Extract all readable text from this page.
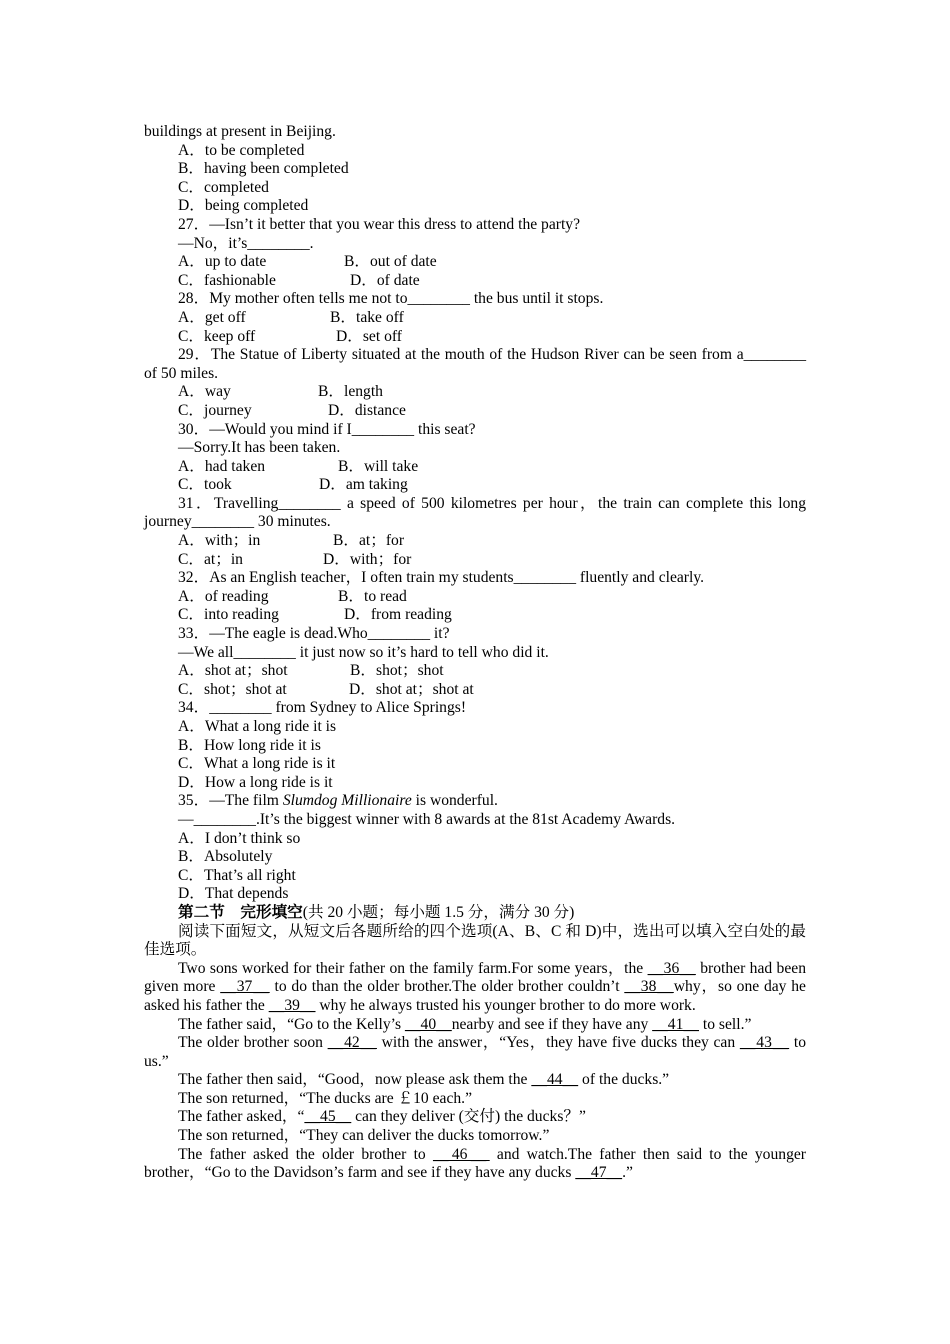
buildings at present in Beijing.
A．to be completed
B．having been completed
C．completed
D．being completed
27．—Isn’t it better that you wear this dress to attend the party?
—No，it’s________.
A．up to date	B．out of date
C．fashionable	D．of date
28．My mother often tells me not to________ the bus until it stops.
A．get off	B．take off
C．keep off	D．set off
29．The Statue of Liberty situated at the mouth of the Hudson River can be seen from a________ of 50 miles.
A．way	B．length
C．journey	D．distance
30．—Would you mind if I________ this seat?
—Sorry.It has been taken.
A．had taken	B．will take
C．took	D．am taking
31．Travelling________ a speed of 500 kilometres per hour，the train can complete this long journey________ 30 minutes.
A．with；in	B．at；for
C．at；in	D．with；for
32．As an English teacher，I often train my students________ fluently and clearly.
A．of reading	B．to read
C．into reading	D．from reading
33．—The eagle is dead.Who________ it?
—We all________ it just now so it’s hard to tell who did it.
A．shot at；shot	B．shot；shot
C．shot；shot at	D．shot at；shot at
34．________ from Sydney to Alice Springs!
A．What a long ride it is
B．How long ride it is
C．What a long ride is it
D．How a long ride is it
35．—The film Slumdog Millionaire is wonderful.
—________.It’s the biggest winner with 8 awards at the 81st Academy Awards.
A．I don’t think so
B．Absolutely
C．That’s all right
D．That depends
第二节　完形填空(共 20 小题；每小题 1.5 分，满分 30 分)
阅读下面短文，从短文后各题所给的四个选项(A、B、C 和 D)中，选出可以填入空白处的最佳选项。
Two sons worked for their father on the family farm.For some years，the ＿36＿ brother had been given more ＿37＿ to do than the older brother.The older brother couldn’t ＿38＿why，so one day he asked his father the ＿39＿ why he always trusted his younger brother to do more work.
The father said，“Go to the Kelly’s ＿40＿nearby and see if they have any ＿41＿ to sell.”
The older brother soon ＿42＿ with the answer，“Yes，they have five ducks they can ＿43＿ to us.”
The father then said，“Good，now please ask them the ＿44＿ of the ducks.”
The son returned，“The ducks are ￡10 each.”
The father asked，“＿45＿ can they deliver (交付) the ducks？”
The son returned，“They can deliver the ducks tomorrow.”
The father asked the older brother to ＿46＿ and watch.The father then said to the younger brother，“Go to the Davidson’s farm and see if they have any ducks ＿47＿.”
